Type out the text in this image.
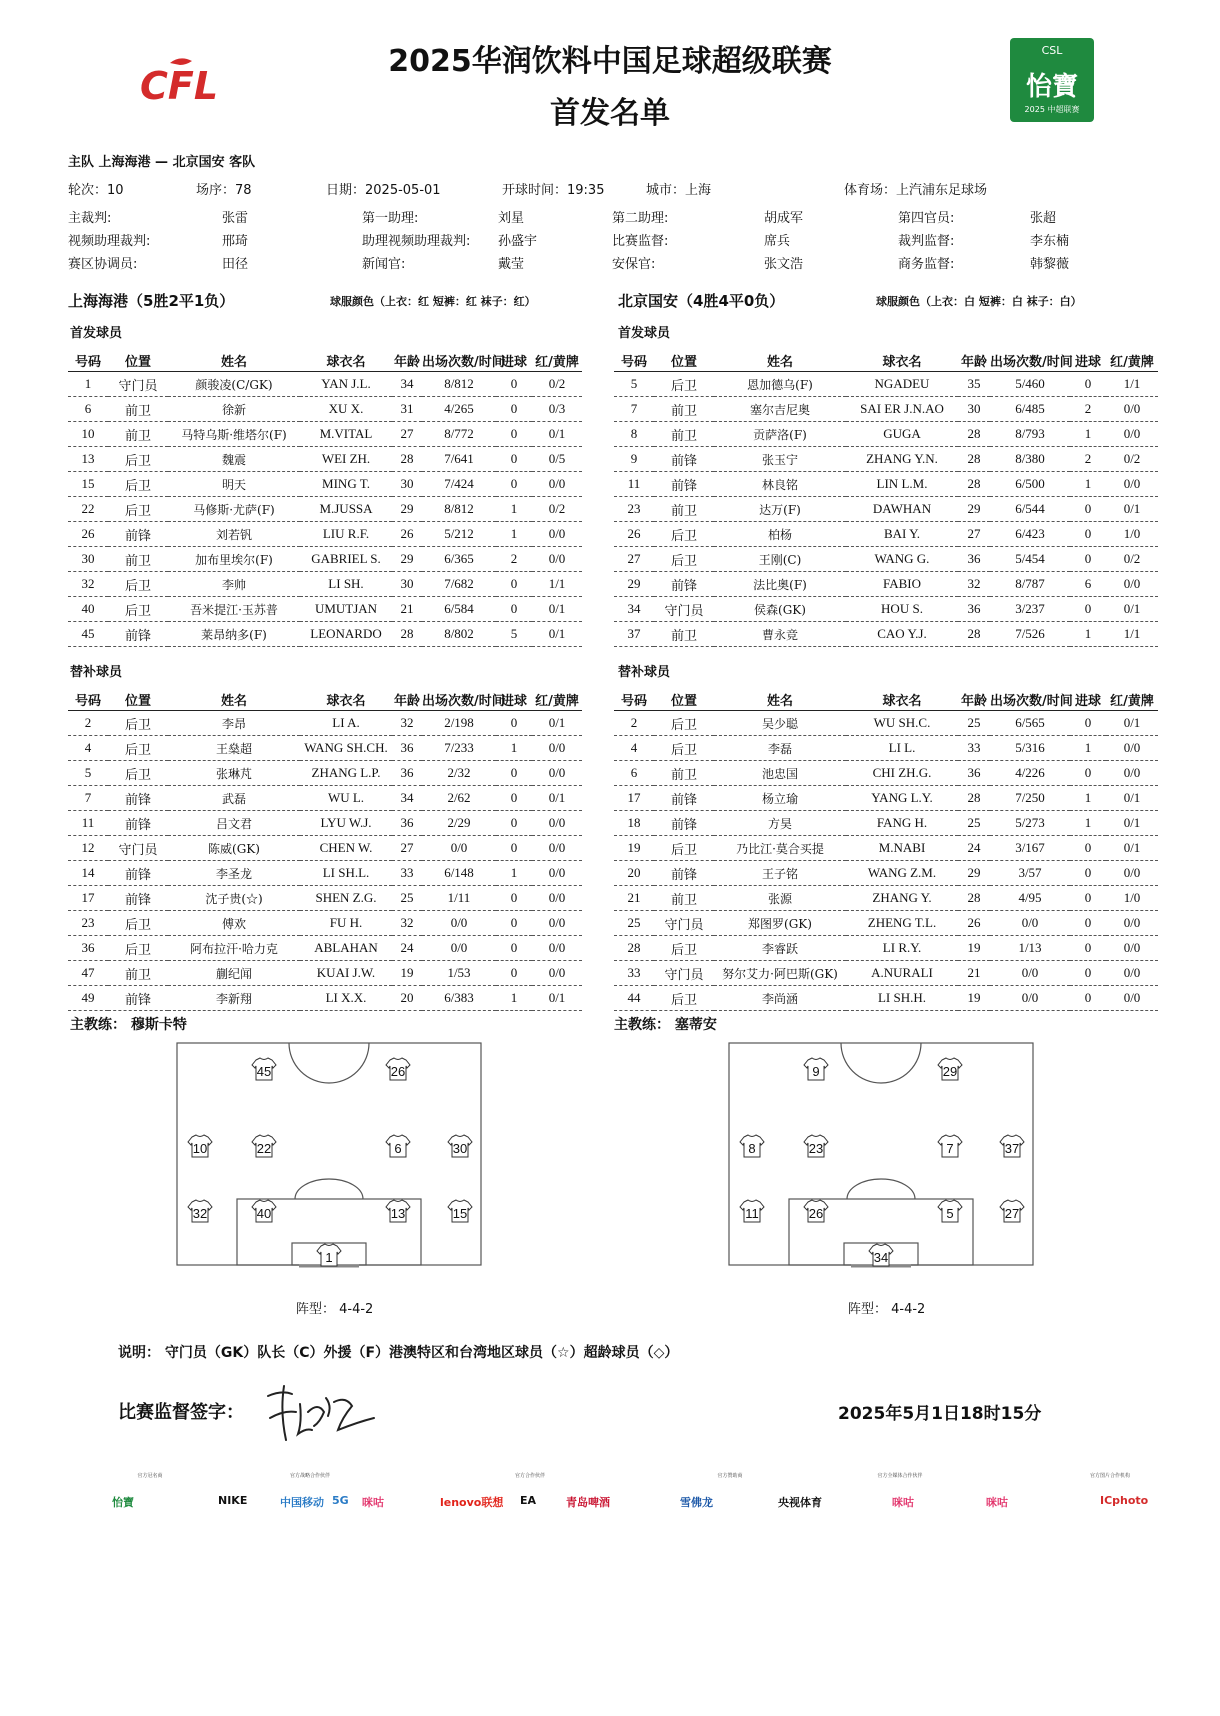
2025华润饮料中国足球超级联赛
首发名单
CFL
CSL
怡寶
2025 中超联赛
主队 上海海港 — 北京国安 客队
轮次：10	场序：78	日期：2025-05-01	开球时间：19:35	城市：上海	体育场：上汽浦东足球场
主裁判:	张雷	第一助理:	刘星	第二助理:	胡成军	第四官员:	张超
视频助理裁判:	邢琦	助理视频助理裁判: 孙盛宇	比赛监督:	席兵	裁判监督:	李东楠
赛区协调员:	田径	新闻官:	戴莹	安保官:	张文浩	商务监督:	韩黎薇
上海海港（5胜2平1负）	球服颜色（上衣：红 短裤：红 袜子：红）	北京国安（4胜4平0负）	球服颜色（上衣：白 短裤：白 袜子：白）
首发球员	首发球员
号码	位置	姓名	球衣名	年龄	出场次数/时间	进球	红/黄牌
1	守门员	颜骏凌(C/GK)	YAN J.L.	34	8/812	0	0/2
6	前卫	徐新	XU X.	31	4/265	0	0/3
10	前卫	马特乌斯·维塔尔(F)	M.VITAL	27	8/772	0	0/1
13	后卫	魏震	WEI ZH.	28	7/641	0	0/5
15	后卫	明天	MING T.	30	7/424	0	0/0
22	后卫	马修斯·尤萨(F)	M.JUSSA	29	8/812	1	0/2
26	前锋	刘若钒	LIU R.F.	26	5/212	1	0/0
30	前卫	加布里埃尔(F)	GABRIEL S.	29	6/365	2	0/0
32	后卫	李帅	LI SH.	30	7/682	0	1/1
40	后卫	吾米提江·玉苏普	UMUTJAN	21	6/584	0	0/1
45	前锋	莱昂纳多(F)	LEONARDO	28	8/802	5	0/1
号码	位置	姓名	球衣名	年龄	出场次数/时间	进球	红/黄牌
5	后卫	恩加德乌(F)	NGADEU	35	5/460	0	1/1
7	前卫	塞尔吉尼奥	SAI ER J.N.AO	30	6/485	2	0/0
8	前卫	贡萨洛(F)	GUGA	28	8/793	1	0/0
9	前锋	张玉宁	ZHANG Y.N.	28	8/380	2	0/2
11	前锋	林良铭	LIN L.M.	28	6/500	1	0/0
23	前卫	达万(F)	DAWHAN	29	6/544	0	0/1
26	后卫	柏杨	BAI Y.	27	6/423	0	1/0
27	后卫	王刚(C)	WANG G.	36	5/454	0	0/2
29	前锋	法比奥(F)	FABIO	32	8/787	6	0/0
34	守门员	侯森(GK)	HOU S.	36	3/237	0	0/1
37	前卫	曹永竞	CAO Y.J.	28	7/526	1	1/1
替补球员	替补球员
号码	位置	姓名	球衣名	年龄	出场次数/时间	进球	红/黄牌
2	后卫	李昂	LI A.	32	2/198	0	0/1
4	后卫	王燊超	WANG SH.CH.	36	7/233	1	0/0
5	后卫	张琳芃	ZHANG L.P.	36	2/32	0	0/0
7	前锋	武磊	WU L.	34	2/62	0	0/1
11	前锋	吕文君	LYU W.J.	36	2/29	0	0/0
12	守门员	陈威(GK)	CHEN W.	27	0/0	0	0/0
14	前锋	李圣龙	LI SH.L.	33	6/148	1	0/0
17	前锋	沈子贵(☆)	SHEN Z.G.	25	1/11	0	0/0
23	后卫	傅欢	FU H.	32	0/0	0	0/0
36	后卫	阿布拉汗·哈力克	ABLAHAN	24	0/0	0	0/0
47	前卫	蒯纪闻	KUAI J.W.	19	1/53	0	0/0
49	前锋	李新翔	LI X.X.	20	6/383	1	0/1
号码	位置	姓名	球衣名	年龄	出场次数/时间	进球	红/黄牌
2	后卫	吴少聪	WU SH.C.	25	6/565	0	0/1
4	后卫	李磊	LI L.	33	5/316	1	0/0
6	前卫	池忠国	CHI ZH.G.	36	4/226	0	0/0
17	前锋	杨立瑜	YANG L.Y.	28	7/250	1	0/1
18	前锋	方昊	FANG H.	25	5/273	1	0/1
19	后卫	乃比江·莫合买提	M.NABI	24	3/167	0	0/1
20	前锋	王子铭	WANG Z.M.	29	3/57	0	0/0
21	前卫	张源	ZHANG Y.	28	4/95	0	1/0
25	守门员	郑图罗(GK)	ZHENG T.L.	26	0/0	0	0/0
28	后卫	李睿跃	LI R.Y.	19	1/13	0	0/0
33	守门员	努尔艾力·阿巴斯(GK)	A.NURALI	21	0/0	0	0/0
44	后卫	李尚涵	LI SH.H.	19	0/0	0	0/0
主教练： 穆斯卡特	主教练： 塞蒂安
45	26
10	22	6	30
32	40	13	15
1
9	29
8	23	7	37
11	26	5	27
34
阵型： 4-4-2	阵型： 4-4-2
说明： 守门员（GK）队长（C）外援（F）港澳特区和台湾地区球员（☆）超龄球员（◇）
比赛监督签字：	2025年5月1日18时15分
官方冠名商	官方战略合作伙伴	官方合作伙伴	官方赞助商	官方全媒体合作伙伴	官方图片合作机构
怡寶	NIKE	中国移动 5G 咪咕	lenovo联想 EA	青岛啤酒	雪佛龙	央视体育	咪咕	咪咕	ICphoto
